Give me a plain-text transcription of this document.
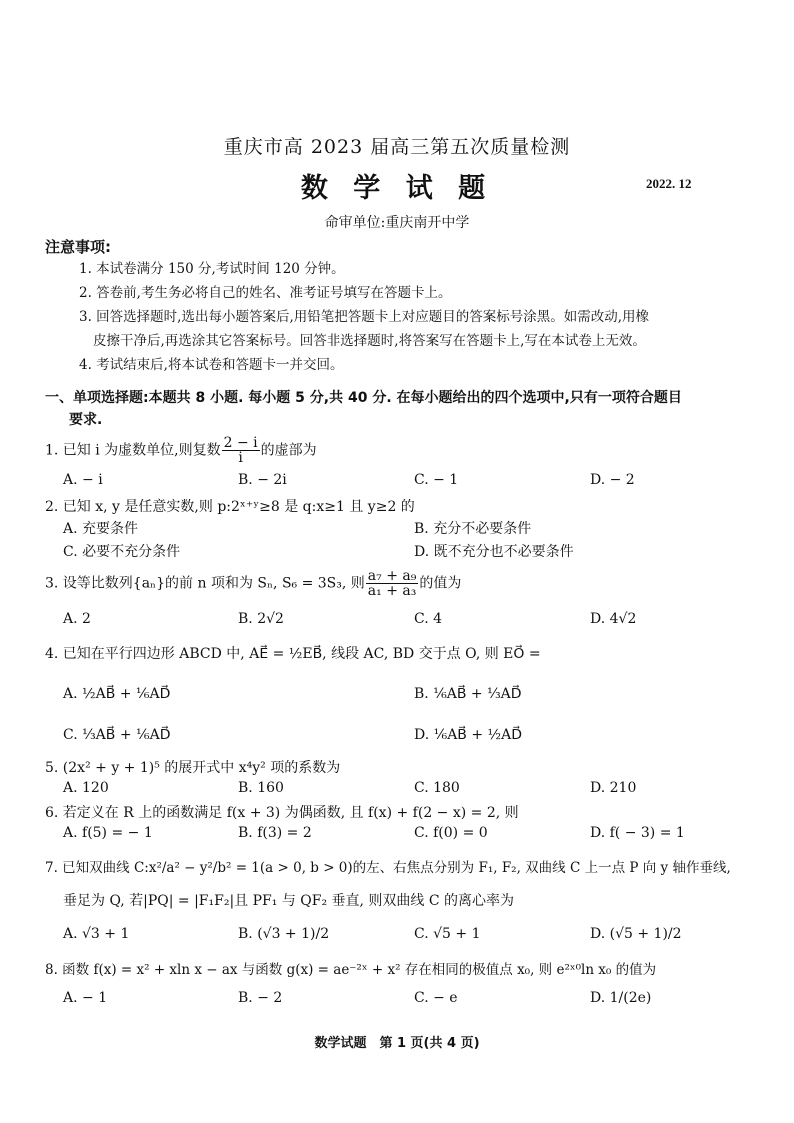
重庆市高 2023 届高三第五次质量检测
数 学 试 题	2022. 12
命审单位:重庆南开中学
注意事项:
1. 本试卷满分 150 分,考试时间 120 分钟。
2. 答卷前,考生务必将自己的姓名、准考证号填写在答题卡上。
3. 回答选择题时,选出每小题答案后,用铅笔把答题卡上对应题目的答案标号涂黑。如需改动,用橡
皮擦干净后,再选涂其它答案标号。回答非选择题时,将答案写在答题卡上,写在本试卷上无效。
4. 考试结束后,将本试卷和答题卡一并交回。
一、单项选择题:本题共 8 小题. 每小题 5 分,共 40 分. 在每小题给出的四个选项中,只有一项符合题目
要求.
1. 已知 i 为虚数单位,则复数 $\frac{2 - i}{i}$ 的虚部为
A. − i	B. − 2i	C. − 1	D. − 2
2. 已知 x, y 是任意实数,则 p:2ˣ⁺ʸ≥8 是 q:x≥1 且 y≥2 的
A. 充要条件	B. 充分不必要条件
C. 必要不充分条件	D. 既不充分也不必要条件
3. 设等比数列{aₙ}的前 n 项和为 Sₙ, S₆ = 3S₃, 则 $\frac{\text{a₇ + a₉}}{\text{a₁ + a₃}}$ 的值为
A. 2	B. 2√2	C. 4	D. 4√2
4. 已知在平行四边形 ABCD 中, AE⃗ = ½EB⃗, 线段 AC, BD 交于点 O, 则 EO⃗ =
A. ½AB⃗ + ⅙AD⃗	B. ⅙AB⃗ + ⅓AD⃗
C. ⅓AB⃗ + ⅙AD⃗	D. ⅙AB⃗ + ½AD⃗
5. (2x² + y + 1)⁵ 的展开式中 x⁴y² 项的系数为
A. 120	B. 160	C. 180	D. 210
6. 若定义在 R 上的函数满足 f(x + 3) 为偶函数, 且 f(x) + f(2 − x) = 2, 则
A. f(5) = − 1	B. f(3) = 2	C. f(0) = 0	D. f( − 3) = 1
7. 已知双曲线 C:x²/a² − y²/b² = 1(a > 0, b > 0)的左、右焦点分别为 F₁, F₂, 双曲线 C 上一点 P 向 y 轴作垂线,
垂足为 Q, 若|PQ| = |F₁F₂|且 PF₁ 与 QF₂ 垂直, 则双曲线 C 的离心率为
A. √3 + 1	B. (√3 + 1)/2	C. √5 + 1	D. (√5 + 1)/2
8. 函数 f(x) = x² + xln x − ax 与函数 g(x) = ae⁻²ˣ + x² 存在相同的极值点 x₀, 则 e²ˣ⁰ln x₀ 的值为
A. − 1	B. − 2	C. − e	D. 1/(2e)
数学试题　第 1 页(共 4 页)
